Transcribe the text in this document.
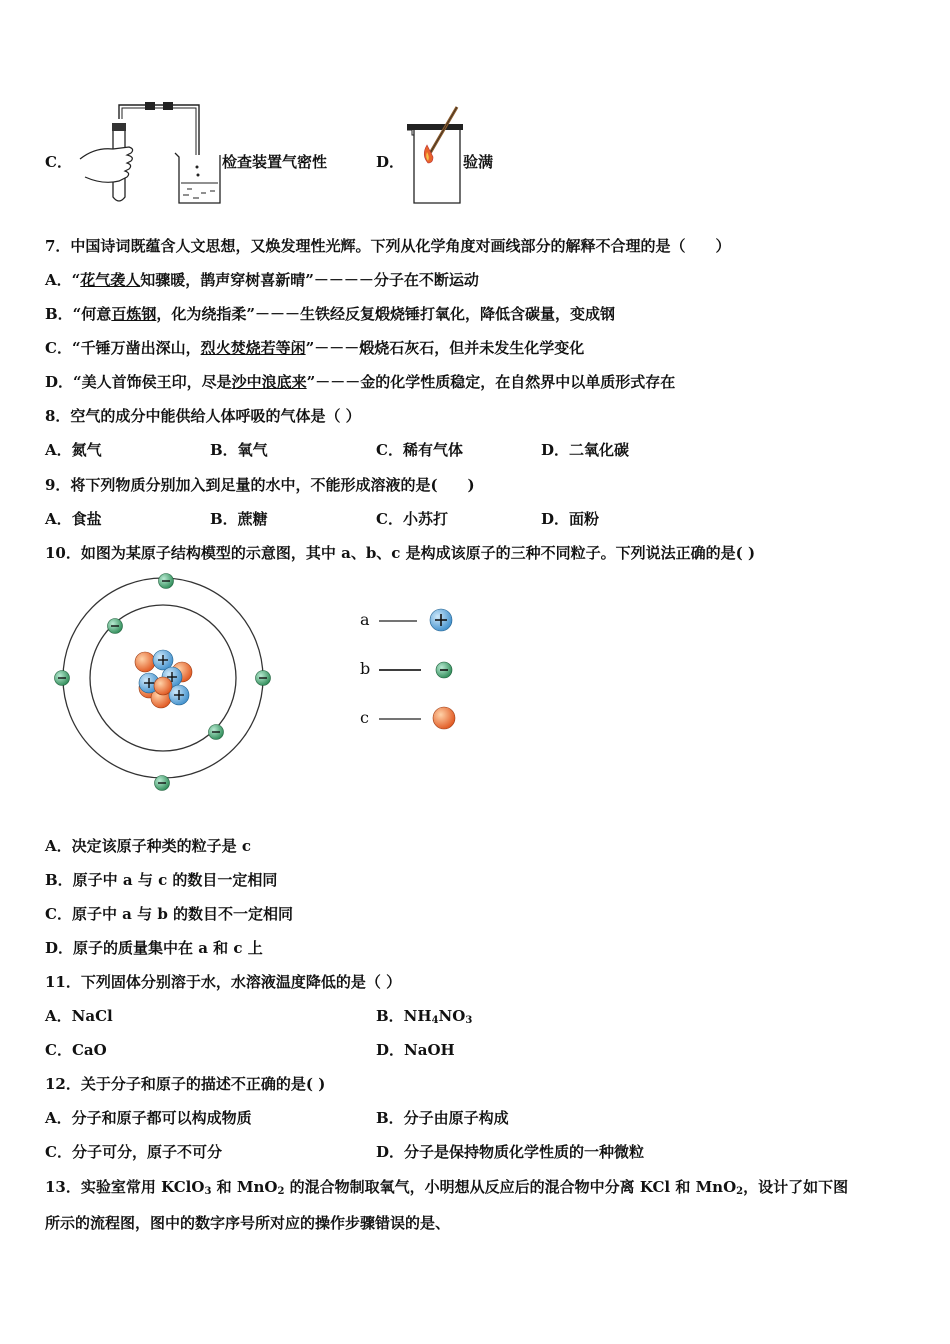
C．	检查装置气密性	D．	验满
7．中国诗词既蕴含人文思想，又焕发理性光辉。下列从化学角度对画线部分的解释不合理的是（　　）
A．“花气袭人知骤暖，鹊声穿树喜新晴”－－－－分子在不断运动
B．“何意百炼钢，化为绕指柔”－－－生铁经反复煅烧锤打氧化，降低含碳量，变成钢
C．“千锤万凿出深山，烈火焚烧若等闲”－－－煅烧石灰石，但并未发生化学变化
D．“美人首饰侯王印，尽是沙中浪底来”－－－金的化学性质稳定，在自然界中以单质形式存在
8．空气的成分中能供给人体呼吸的气体是（ ）
A．氮气	B．氧气	C．稀有气体	D．二氧化碳
9．将下列物质分别加入到足量的水中，不能形成溶液的是(　　)
A．食盐	B．蔗糖	C．小苏打	D．面粉
10．如图为某原子结构模型的示意图，其中 a、b、c 是构成该原子的三种不同粒子。下列说法正确的是( )
a
b
c
A．决定该原子种类的粒子是 c
B．原子中 a 与 c 的数目一定相同
C．原子中 a 与 b 的数目不一定相同
D．原子的质量集中在 a 和 c 上
11．下列固体分别溶于水，水溶液温度降低的是（ ）
A．NaCl	B．$NH_4NO_3$
C．CaO	D．NaOH
12．关于分子和原子的描述不正确的是( )
A．分子和原子都可以构成物质	B．分子由原子构成
C．分子可分，原子不可分	D．分子是保持物质化学性质的一种微粒
13．实验室常用 KClO$_3$ 和 MnO$_2$ 的混合物制取氧气，小明想从反应后的混合物中分离 KCl 和 MnO$_2$，设计了如下图
所示的流程图，图中的数字序号所对应的操作步骤错误的是、
